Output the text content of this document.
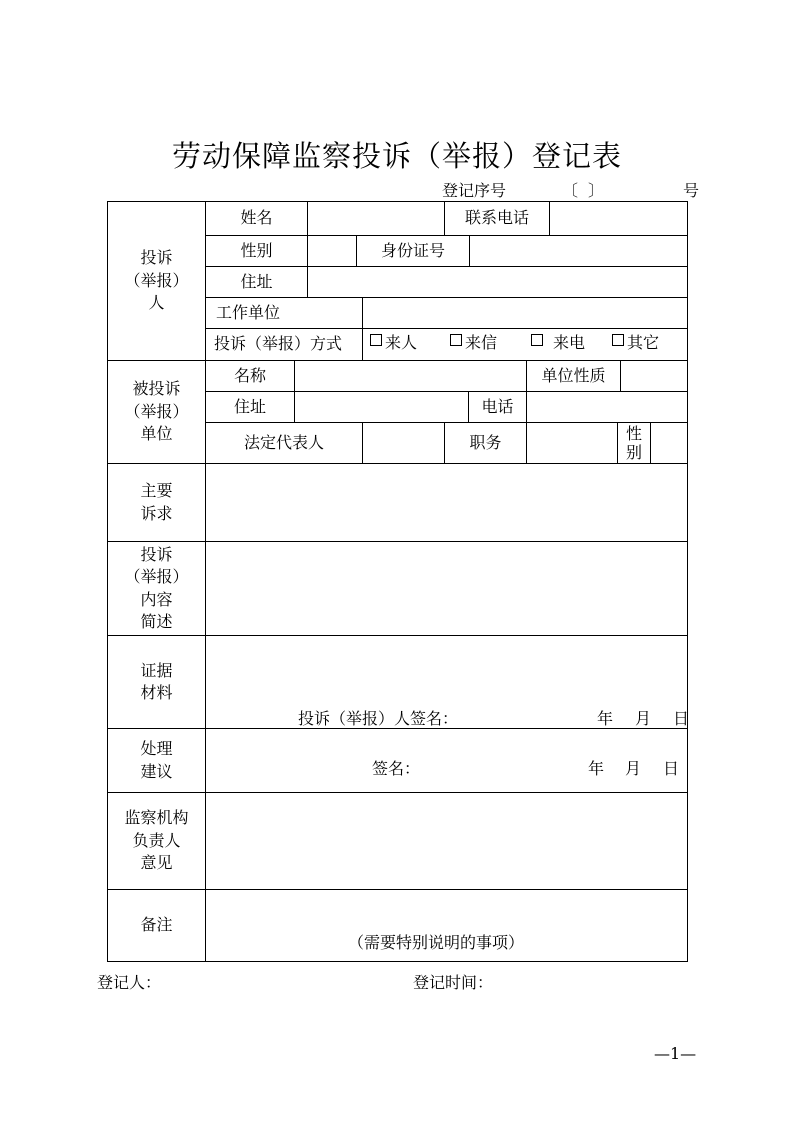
劳动保障监察投诉（举报）登记表
登记序号	〔 〕	号
投诉
（举报）
人
姓名	联系电话
性别	身份证号
住址
工作单位
投诉（举报）方式	来人	来信	来电	其它
被投诉
（举报）
单位
名称	单位性质
住址	电话
法定代表人	职务	性
别
主要
诉求
投诉
（举报）
内容
简述
证据
材料
投诉（举报）人签名：	年 月 日
处理
建议	签名：	年 月 日
监察机构
负责人
意见
备注
（需要特别说明的事项）
登记人：	登记时间：
—1—
